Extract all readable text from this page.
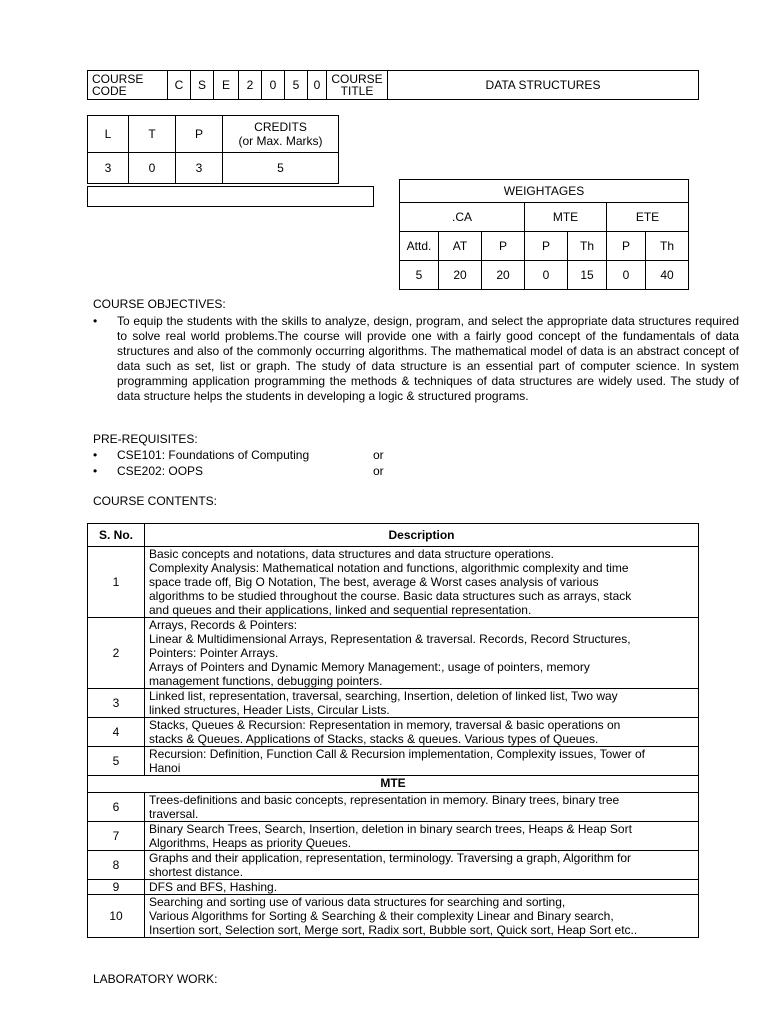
COURSE CODE	C	S	E	2	0	5	0	COURSE TITLE	DATA STRUCTURES
L	T	P	CREDITS
(or Max. Marks)
3	0	3	5
WEIGHTAGES						
.CA			MTE		ETE	
Attd.	AT	P	P	Th	P	Th
5	20	20	0	15	0	40
COURSE OBJECTIVES:
• To equip the students with the skills to analyze, design, program, and select the appropriate data structures required to solve real world problems.The course will provide one with a fairly good concept of the fundamentals of data structures and also of the commonly occurring algorithms. The mathematical model of data is an abstract concept of data such as set, list or graph. The study of data structure is an essential part of computer science. In system programming application programming the methods & techniques of data structures are widely used. The study of data structure helps the students in developing a logic & structured programs.
PRE-REQUISITES:
• CSE101: Foundations of Computing	or
• CSE202: OOPS	or
COURSE CONTENTS:
S. No.	Description
1	Basic concepts and notations, data structures and data structure operations.
Complexity Analysis: Mathematical notation and functions, algorithmic complexity and time
space trade off, Big O Notation, The best, average & Worst cases analysis of various
algorithms to be studied throughout the course. Basic data structures such as arrays, stack
and queues and their applications, linked and sequential representation.

2	Arrays, Records & Pointers:
Linear & Multidimensional Arrays, Representation & traversal. Records, Record Structures,
Pointers: Pointer Arrays.
Arrays of Pointers and Dynamic Memory Management:, usage of pointers, memory
management functions, debugging pointers.

3	Linked list, representation, traversal, searching, Insertion, deletion of linked list, Two way
linked structures, Header Lists, Circular Lists.

4	Stacks, Queues & Recursion: Representation in memory, traversal & basic operations on
stacks & Queues. Applications of Stacks, stacks & queues. Various types of Queues.

5	Recursion: Definition, Function Call & Recursion implementation, Complexity issues, Tower of
Hanoi

MTE	
6	Trees-definitions and basic concepts, representation in memory. Binary trees, binary tree
traversal.

7	Binary Search Trees, Search, Insertion, deletion in binary search trees, Heaps & Heap Sort
Algorithms, Heaps as priority Queues.

8	Graphs and their application, representation, terminology. Traversing a graph, Algorithm for
shortest distance.

9	DFS and BFS, Hashing.

10	Searching and sorting use of various data structures for searching and sorting,
Various Algorithms for Sorting & Searching & their complexity Linear and Binary search,
Insertion sort, Selection sort, Merge sort, Radix sort, Bubble sort, Quick sort, Heap Sort etc..
LABORATORY WORK:
